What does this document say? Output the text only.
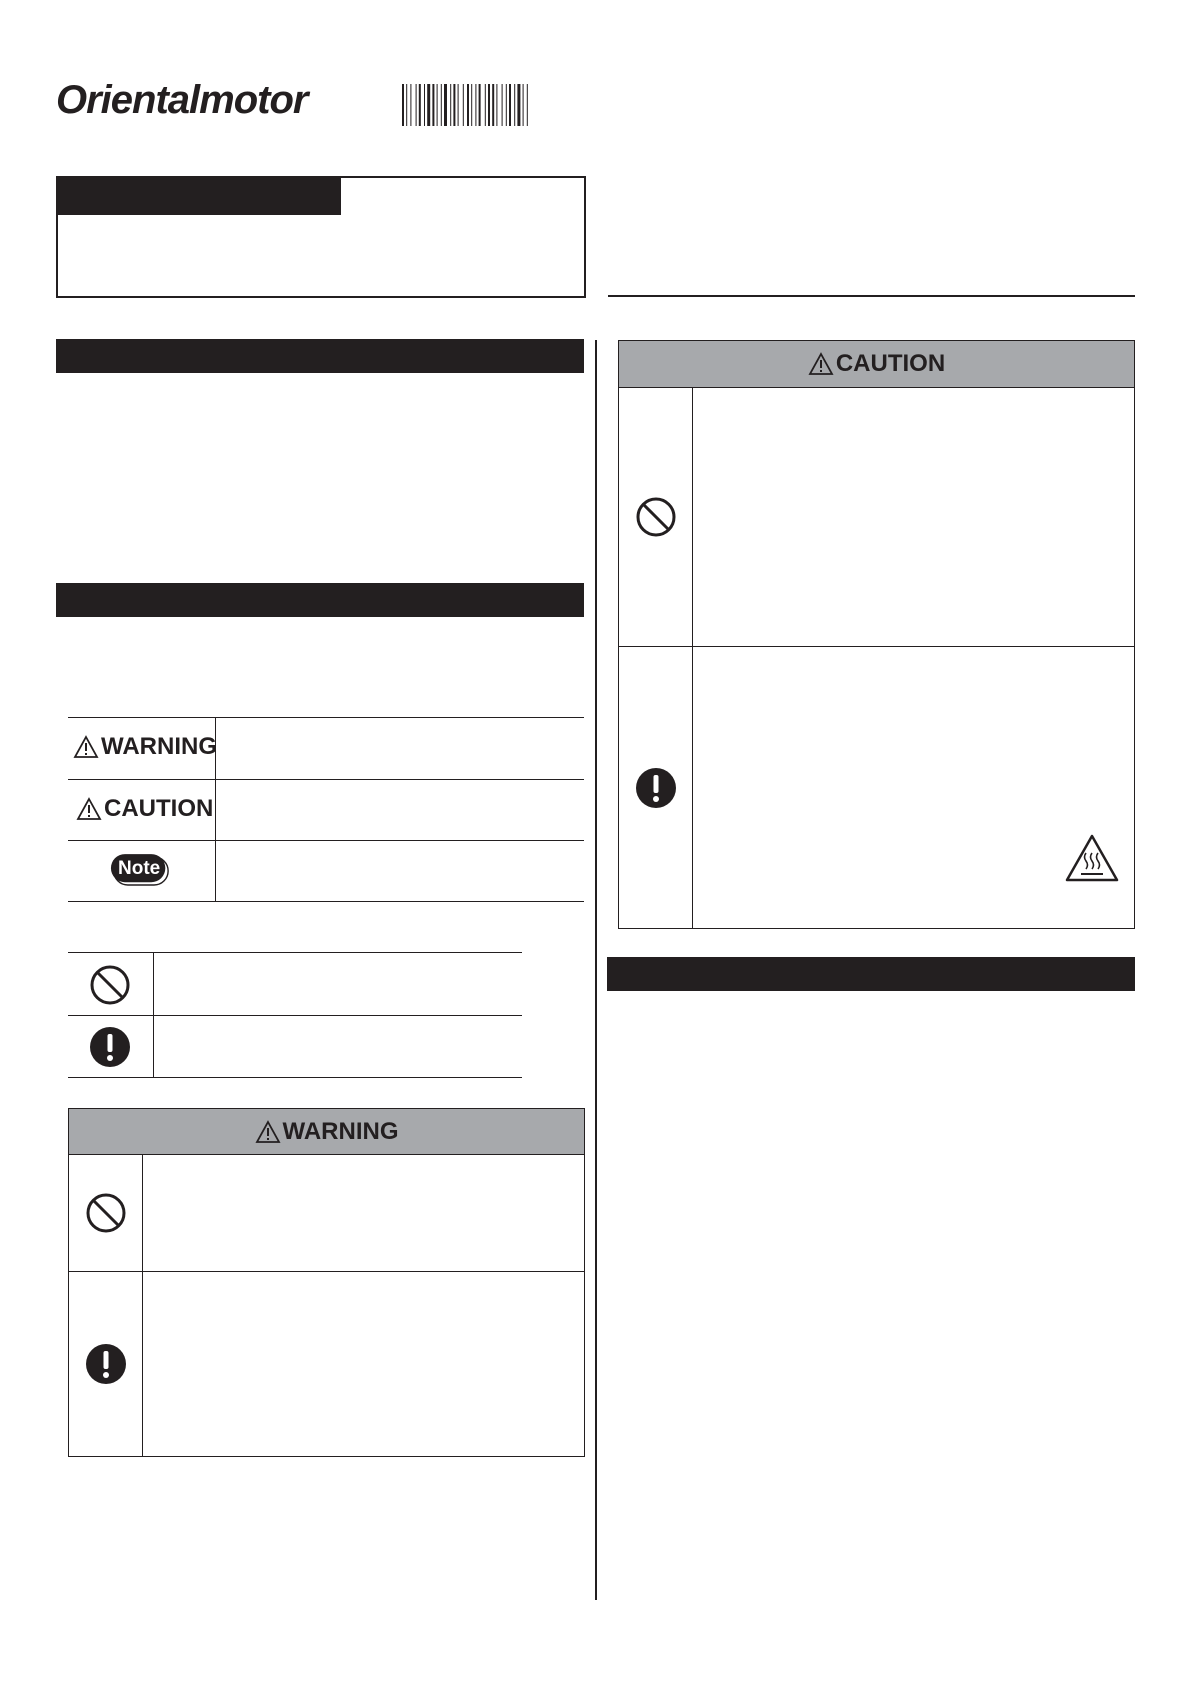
Orientalmotor
WARNING
CAUTION
Note
WARNING
CAUTION
